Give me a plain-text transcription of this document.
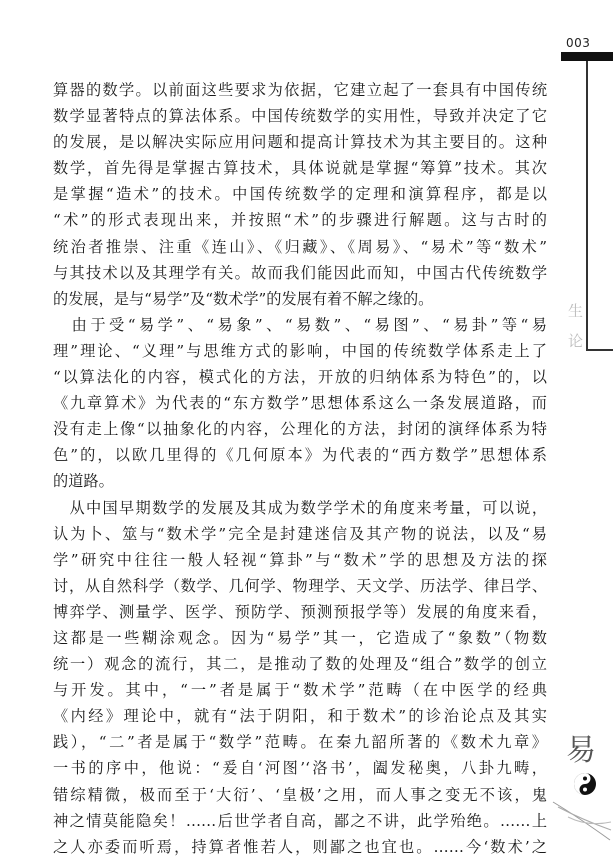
003
生
论
算器的数学。以前面这些要求为依据，它建立起了一套具有中国传统
数学显著特点的算法体系。中国传统数学的实用性，导致并决定了它
的发展，是以解决实际应用问题和提高计算技术为其主要目的。这种
数学，首先得是掌握古算技术，具体说就是掌握“筹算”技术。其次
是掌握“造术”的技术。中国传统数学的定理和演算程序，都是以
“术”的形式表现出来，并按照“术”的步骤进行解题。这与古时的
统治者推崇、注重《连山》、《归藏》、《周易》、“易术”等“数术”
与其技术以及其理学有关。故而我们能因此而知，中国古代传统数学
的发展，是与“易学”及“数术学”的发展有着不解之缘的。
　由于受“易学”、“易象”、“易数”、“易图”、“易卦”等“易
理”理论、“义理”与思维方式的影响，中国的传统数学体系走上了
“以算法化的内容，模式化的方法，开放的归纳体系为特色”的，以
《九章算术》为代表的“东方数学”思想体系这么一条发展道路，而
没有走上像“以抽象化的内容，公理化的方法，封闭的演绎体系为特
色”的，以欧几里得的《几何原本》为代表的“西方数学”思想体系
的道路。
　从中国早期数学的发展及其成为数学学术的角度来考量，可以说，
认为卜、筮与“数术学”完全是封建迷信及其产物的说法，以及“易
学”研究中往往一般人轻视“算卦”与“数术”学的思想及方法的探
讨，从自然科学（数学、几何学、物理学、天文学、历法学、律吕学、
博弈学、测量学、医学、预防学、预测预报学等）发展的角度来看，
这都是一些糊涂观念。因为“易学”其一，它造成了“象数”（物数
统一）观念的流行，其二，是推动了数的处理及“组合”数学的创立
与开发。其中，“一”者是属于“数术学”范畴（在中医学的经典
《内经》理论中，就有“法于阴阳，和于数术”的诊治论点及其实
践），“二”者是属于“数学”范畴。在秦九韶所著的《数术九章》
一书的序中，他说：“爰自‘河图’‘洛书’，阖发秘奥，八卦九畴，
错综精微，极而至于‘大衍’、‘皇极’之用，而人事之变无不该，鬼
神之情莫能隐矣！……后世学者自高，鄙之不讲，此学殆绝。……上
之人亦委而听焉，持算者惟若人，则鄙之也宜也。……今‘数术’之
易
